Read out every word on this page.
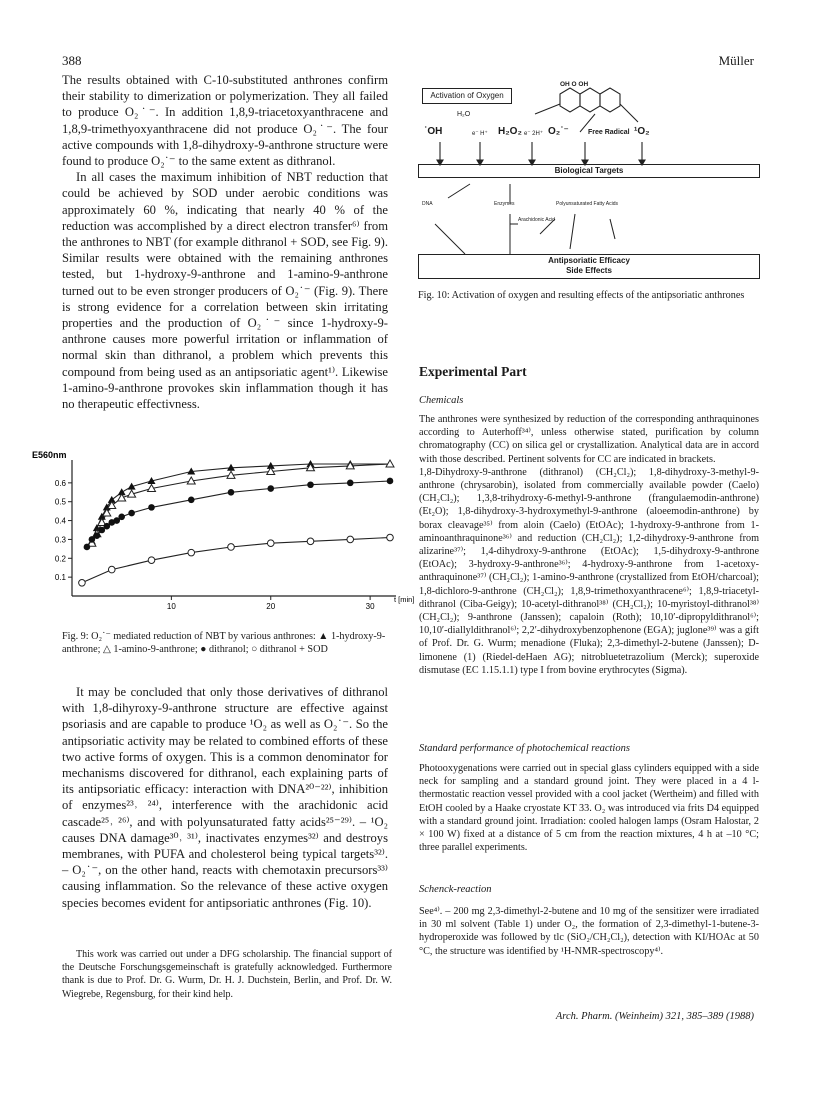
388	Müller

The results obtained with C-10-substituted anthrones confirm their stability to dimerization or polymerization. They all failed to produce O₂˙⁻. In addition 1,8,9-triacetoxyanthracene and 1,8,9-trimethyoxyanthracene did not produce O₂˙⁻. The four active compounds with 1,8-dihydroxy-9-anthrone structure were found to produce O₂˙⁻ to the same extent as dithranol.

In all cases the maximum inhibition of NBT reduction that could be achieved by SOD under aerobic conditions was approximately 60 %, indicating that nearly 40 % of the reduction was accomplished by a direct electron transfer⁶⁾ from the anthrones to NBT (for example dithranol + SOD, see Fig. 9). Similar results were obtained with the remaining anthrones tested, but 1-hydroxy-9-anthrone and 1-amino-9-anthrone turned out to be even stronger producers of O₂˙⁻ (Fig. 9). There is strong evidence for a correlation between skin irritating properties and the production of O₂˙⁻ since 1-hydroxy-9-anthrone causes more powerful irritation or inflammation of normal skin than dithranol, a problem which prevents this compound from being used as an antipsoriatic agent¹⁾. Likewise 1-amino-9-anthrone provokes skin inflammation though it has no therapeutic effectivness.

E560nm
0.1
0.2
0.3
0.4
0.5
0.6
10	20	30
t [min]
Fig. 9: O₂˙⁻ mediated reduction of NBT by various anthrones: ▲ 1-hydroxy-9-anthrone; △ 1-amino-9-anthrone; ● dithranol; ○ dithranol + SOD

It may be concluded that only those derivatives of dithranol with 1,8-dihyroxy-9-anthrone structure are effective against psoriasis and are capable to produce ¹O₂ as well as O₂˙⁻. So the antipsoriatic activity may be related to combined efforts of these two active forms of oxygen. This is a common denominator for mechanisms discovered for dithranol, each explaining parts of its antipsoriatic efficacy: interaction with DNA²⁰⁻²²⁾, inhibition of enzymes²³˒ ²⁴⁾, interference with the arachidonic acid cascade²⁵˒ ²⁶⁾, and with polyunsaturated fatty acids²⁵⁻²⁹⁾. – ¹O₂ causes DNA damage³⁰˒ ³¹⁾, inactivates enzymes³²⁾ and destroys membranes, with PUFA and cholesterol being typical targets³²⁾. – O₂˙⁻, on the other hand, reacts with chemotaxin precursors³³⁾ causing inflammation. So the relevance of these active oxygen species becomes evident for antipsoriatic anthrones (Fig. 10).

This work was carried out under a DFG scholarship. The financial support of the Deutsche Forschungsgemeinschaft is gratefully acknowledged. Furthermore thank is due to Prof. Dr. G. Wurm, Dr. H. J. Duchstein, Berlin, and Prof. Dr. W. Wiegrebe, Regensburg, for their kind help.
Activation of Oxygen
OH O OH
˙OH
H₂O
e⁻ H⁺ H₂O₂ e⁻ 2H⁺ O₂˙⁻	Free Radical ¹O₂
Biological Targets
DNA	Enzymes	Polyunsaturated Fatty Acids
Arachidonic Acid
Antipsoriatic Efficacy
Side Effects
Fig. 10: Activation of oxygen and resulting effects of the antipsoriatic anthrones
Experimental Part
Chemicals

The anthrones were synthesized by reduction of the corresponding anthraquinones according to Auterhoff³⁴⁾, unless otherwise stated, purification by column chromatography (CC) on silica gel or crystallization. Analytical data are in accord with those described. Pertinent solvents for CC are indicated in brackets.

1,8-Dihydroxy-9-anthrone (dithranol) (CH₂Cl₂); 1,8-dihydroxy-3-methyl-9-anthrone (chrysarobin), isolated from commercially available powder (Caelo) (CH₂Cl₂); 1,3,8-trihydroxy-6-methyl-9-anthrone (frangulaemodin-anthrone) (Et₂O); 1,8-dihydroxy-3-hydroxymethyl-9-anthrone (aloeemodin-anthrone) by borax cleavage³⁵⁾ from aloin (Caelo) (EtOAc); 1-hydroxy-9-anthrone from 1-aminoanthraquinone³⁶⁾ and reduction (CH₂Cl₂); 1,2-dihydroxy-9-anthrone from alizarine³⁷⁾; 1,4-dihydroxy-9-anthrone (EtOAc); 1,5-dihydroxy-9-anthrone (EtOAc); 3-hydroxy-9-anthrone³⁶⁾; 4-hydroxy-9-anthrone from 1-acetoxy-anthraquinone³⁷⁾ (CH₂Cl₂); 1-amino-9-anthrone (crystallized from EtOH/charcoal); 1,8-dichloro-9-anthrone (CH₂Cl₂); 1,8,9-trimethoxyanthracene⁶⁾; 1,8,9-triacetyl-dithranol (Ciba-Geigy); 10-acetyl-dithranol³⁸⁾ (CH₂Cl₂); 10-myristoyl-dithranol³⁸⁾ (CH₂Cl₂); 9-anthrone (Janssen); capaloin (Roth); 10,10′-dipropyldithranol⁶⁾; 10,10′-diallyldithranol⁶⁾; 2,2′-dihydroxybenzophenone (EGA); juglone³⁹⁾ was a gift of Prof. Dr. G. Wurm; menadione (Fluka); 2,3-dimethyl-2-butene (Janssen); D-limonene (1) (Riedel-deHaen AG); nitrobluetetrazolium (Merck); superoxide dismutase (EC 1.15.1.1) type I from bovine erythrocytes (Sigma).

Standard performance of photochemical reactions

Photooxygenations were carried out in special glass cylinders equipped with a side neck for sampling and a standard ground joint. They were placed in a 4 l-thermostatic reaction vessel provided with a cool jacket (Wertheim) and filled with EtOH cooled by a Haake cryostate KT 33. O₂ was introduced via frits D4 equipped with a standard ground joint. Irradiation: cooled halogen lamps (Osram Halostar, 2 × 100 W) fixed at a distance of 5 cm from the reaction mixtures, 4 h at –10 °C; three parallel experiments.

Schenck-reaction

See⁴⁾. – 200 mg 2,3-dimethyl-2-butene and 10 mg of the sensitizer were irradiated in 30 ml solvent (Table 1) under O₂, the formation of 2,3-dimethyl-1-butene-3-hydroperoxide was followed by tlc (SiO₂/CH₂Cl₂), detection with KI/HOAc at 50 °C, the structure was identified by ¹H-NMR-spectroscopy⁴⁾.

Arch. Pharm. (Weinheim) 321, 385–389 (1988)
